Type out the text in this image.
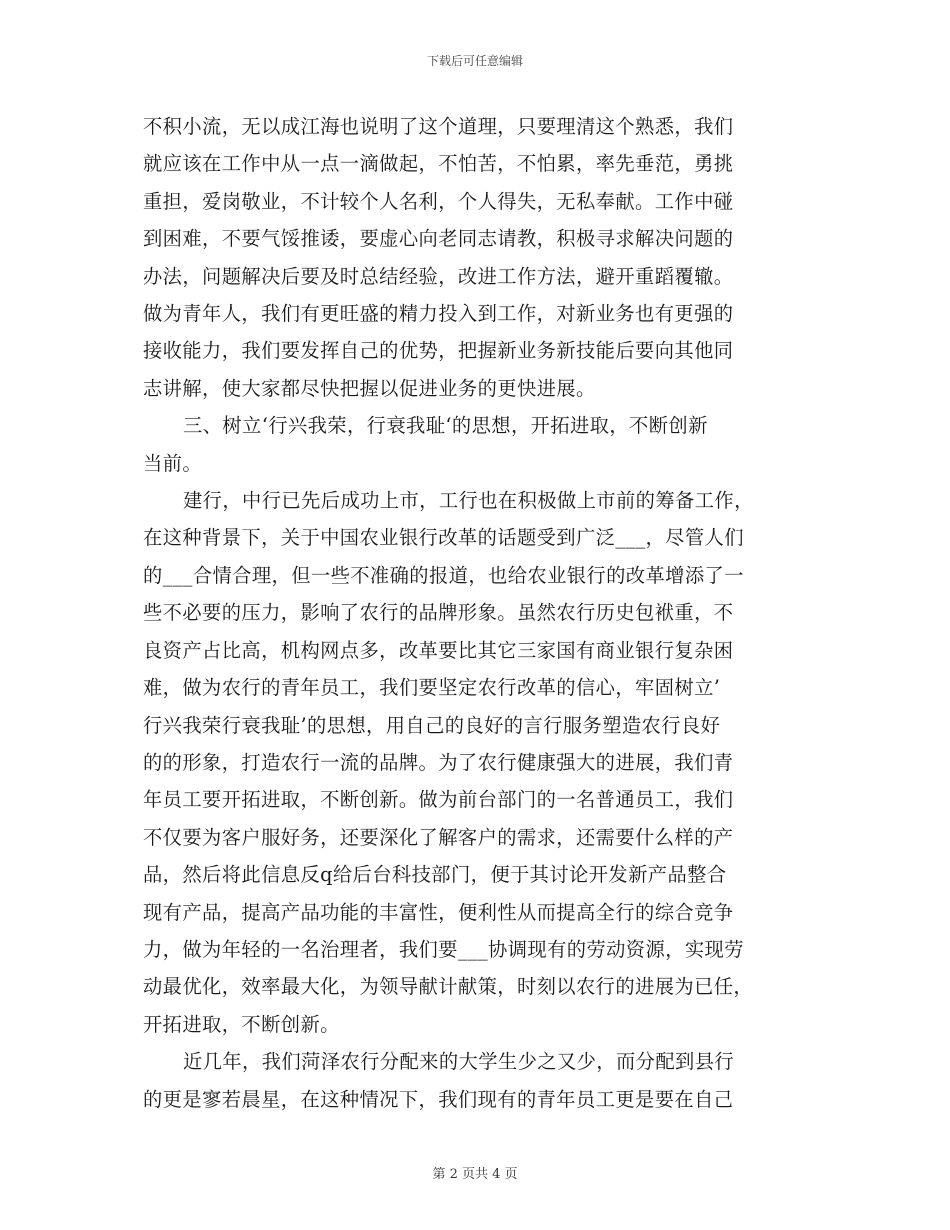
下载后可任意编辑

不积小流，无以成江海也说明了这个道理，只要理清这个熟悉，我们
就应该在工作中从一点一滴做起，不怕苦，不怕累，率先垂范，勇挑
重担，爱岗敬业，不计较个人名利，个人得失，无私奉献。工作中碰
到困难，不要气馁推诿，要虚心向老同志请教，积极寻求解决问题的
办法，问题解决后要及时总结经验，改进工作方法，避开重蹈覆辙。
做为青年人，我们有更旺盛的精力投入到工作，对新业务也有更强的
接收能力，我们要发挥自己的优势，把握新业务新技能后要向其他同
志讲解，使大家都尽快把握以促进业务的更快进展。

三、树立‘行兴我荣，行衰我耻‘的思想，开拓进取，不断创新
当前。

建行，中行已先后成功上市，工行也在积极做上市前的筹备工作，
在这种背景下，关于中国农业银行改革的话题受到广泛___，尽管人们
的___合情合理，但一些不准确的报道，也给农业银行的改革增添了一
些不必要的压力，影响了农行的品牌形象。虽然农行历史包袱重，不
良资产占比高，机构网点多，改革要比其它三家国有商业银行复杂困
难，做为农行的青年员工，我们要坚定农行改革的信心，牢固树立’
行兴我荣行衰我耻’的思想，用自己的良好的言行服务塑造农行良好
的的形象，打造农行一流的品牌。为了农行健康强大的进展，我们青
年员工要开拓进取，不断创新。做为前台部门的一名普通员工，我们
不仅要为客户服好务，还要深化了解客户的需求，还需要什么样的产
品，然后将此信息反q给后台科技部门，便于其讨论开发新产品整合
现有产品，提高产品功能的丰富性，便利性从而提高全行的综合竞争
力，做为年轻的一名治理者，我们要___协调现有的劳动资源，实现劳
动最优化，效率最大化，为领导献计献策，时刻以农行的进展为已任，
开拓进取，不断创新。

近几年，我们菏泽农行分配来的大学生少之又少，而分配到县行
的更是寥若晨星，在这种情况下，我们现有的青年员工更是要在自己

第 2 页共 4 页
